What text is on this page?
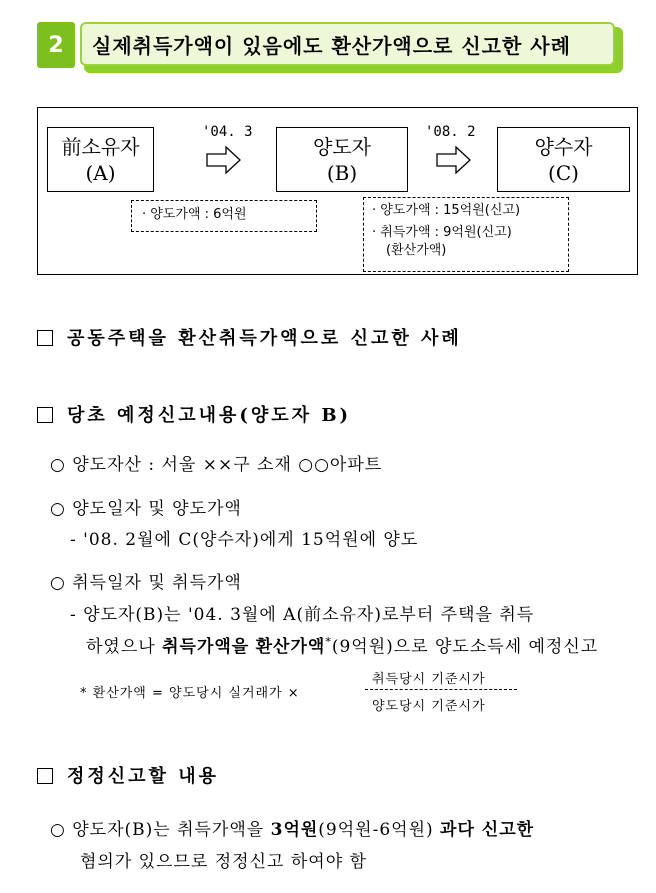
2	실제취득가액이 있음에도 환산가액으로 신고한 사례
前소유자
(A)
양도자
(B)
양수자
(C)
'04. 3	'08. 2
· 양도가액 : 6억원	· 양도가액 : 15억원(신고)
· 취득가액 : 9억원(신고)
(환산가액)
공동주택을 환산취득가액으로 신고한 사례
당초 예정신고내용(양도자 B)
○ 양도자산 : 서울 ××구 소재 ○○아파트
○ 양도일자 및 양도가액
- '08. 2월에 C(양수자)에게 15억원에 양도
○ 취득일자 및 취득가액
- 양도자(B)는 '04. 3월에 A(前소유자)로부터 주택을 취득
하였으나 취득가액을 환산가액*(9억원)으로 양도소득세 예정신고
* 환산가액 = 양도당시 실거래가 ×
취득당시 기준시가
양도당시 기준시가
정정신고할 내용
○ 양도자(B)는 취득가액을 3억원(9억원-6억원) 과다 신고한
혐의가 있으므로 정정신고 하여야 함
